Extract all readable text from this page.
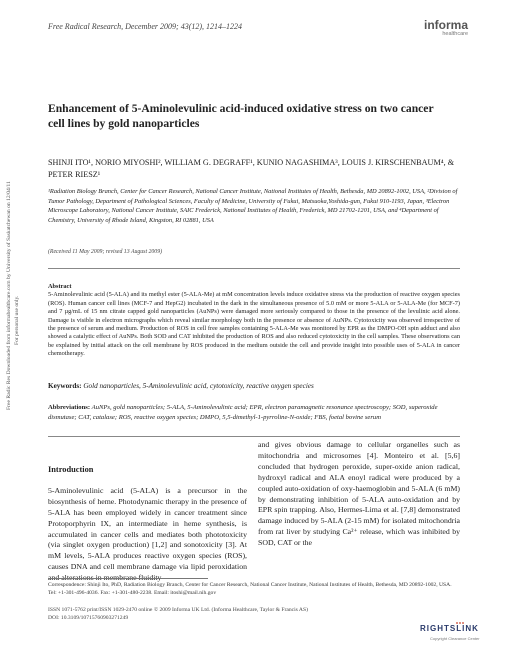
Free Radical Research, December 2009; 43(12), 1214–1224	informa
healthcare
Free Radic Res Downloaded from informahealthcare.com by University of Saskatchewan on 12/04/11 For personal use only.
Enhancement of 5-Aminolevulinic acid-induced oxidative stress on two cancer cell lines by gold nanoparticles
SHINJI ITO¹, NORIO MIYOSHI², WILLIAM G. DEGRAFF¹, KUNIO NAGASHIMA³, LOUIS J. KIRSCHENBAUM⁴, & PETER RIESZ¹
¹Radiation Biology Branch, Center for Cancer Research, National Cancer Institute, National Institutes of Health, Bethesda, MD 20892-1002, USA, ²Division of Tumor Pathology, Department of Pathological Sciences, Faculty of Medicine, University of Fukui, Matsuoka,Yoshida-gun, Fukui 910-1193, Japan, ³Electron Microscope Laboratory, National Cancer Institute, SAIC Frederick, National Institutes of Health, Frederick, MD 21702-1201, USA, and ⁴Department of Chemistry, University of Rhode Island, Kingston, RI 02881, USA
(Received 11 May 2009; revised 13 August 2009)
Abstract
5-Aminolevulinic acid (5-ALA) and its methyl ester (5-ALA-Me) at mM concentration levels induce oxidative stress via the production of reactive oxygen species (ROS). Human cancer cell lines (MCF-7 and HepG2) incubated in the dark in the simultaneous presence of 5.0 mM or more 5-ALA or 5-ALA-Me (for MCF-7) and 7 µg/mL of 15 nm citrate capped gold nanoparticles (AuNPs) were damaged more seriously compared to those in the presence of the levulinic acid alone. Damage is visible in electron micrographs which reveal similar morphology both in the presence or absence of AuNPs. Cytotoxicity was observed irrespective of the presence of serum and medium. Production of ROS in cell free samples containing 5-ALA-Me was monitored by EPR as the DMPO-OH spin adduct and also showed a catalytic effect of AuNPs. Both SOD and CAT inhibited the production of ROS and also reduced cytotoxicity in the cell samples. These observations can be explained by initial attack on the cell membrane by ROS produced in the medium outside the cell and provide insight into possible uses of 5-ALA in cancer chemotherapy.
Keywords: Gold nanoparticles, 5-Aminolevulinic acid, cytotoxicity, reactive oxygen species
Abbreviations: AuNPs, gold nanoparticles; 5-ALA, 5-Aminolevulinic acid; EPR, electron paramagnetic resonance spectroscopy; SOD, superoxide dismutase; CAT, catalase; ROS, reactive oxygen species; DMPO, 5,5-dimethyl-1-pyrroline-N-oxide; FBS, foetal bovine serum
Introduction
5-Aminolevulinic acid (5-ALA) is a precursor in the biosynthesis of heme. Photodynamic therapy in the presence of 5-ALA has been employed widely in cancer treatment since Protoporphyrin IX, an intermediate in heme synthesis, is accumulated in cancer cells and mediates both phototoxicity (via singlet oxygen production) [1,2] and sonotoxicity [3]. At mM levels, 5-ALA produces reactive oxygen species (ROS), causes DNA and cell membrane damage via lipid peroxidation and alterations in membrane fluidity
and gives obvious damage to cellular organelles such as mitochondria and microsomes [4]. Monteiro et al. [5,6] concluded that hydrogen peroxide, super-oxide anion radical, hydroxyl radical and ALA enoyl radical were produced by a coupled auto-oxidation of oxy-haemoglobin and 5-ALA (6 mM) by demonstrating inhibition of 5-ALA auto-oxidation and by EPR spin trapping. Also, Hermes-Lima et al. [7,8] demonstrated damage induced by 5-ALA (2-15 mM) for isolated mitochondria from rat liver by studying Ca²⁺ release, which was inhibited by SOD, CAT or the
Correspondence: Shinji Ito, PhD, Radiation Biology Branch, Center for Cancer Research, National Cancer Institute, National Institutes of Health, Bethesda, MD 20892-1002, USA. Tel: +1-301-496-4036. Fax: +1-301-480-2238. Email: itoshi@mail.nih.gov
ISSN 1071-5762 print/ISSN 1029-2470 online © 2009 Informa UK Ltd. (Informa Healthcare, Taylor & Francis AS)
DOI: 10.3109/10715760903271249
RIGHTSLINK
Copyright Clearance Center
